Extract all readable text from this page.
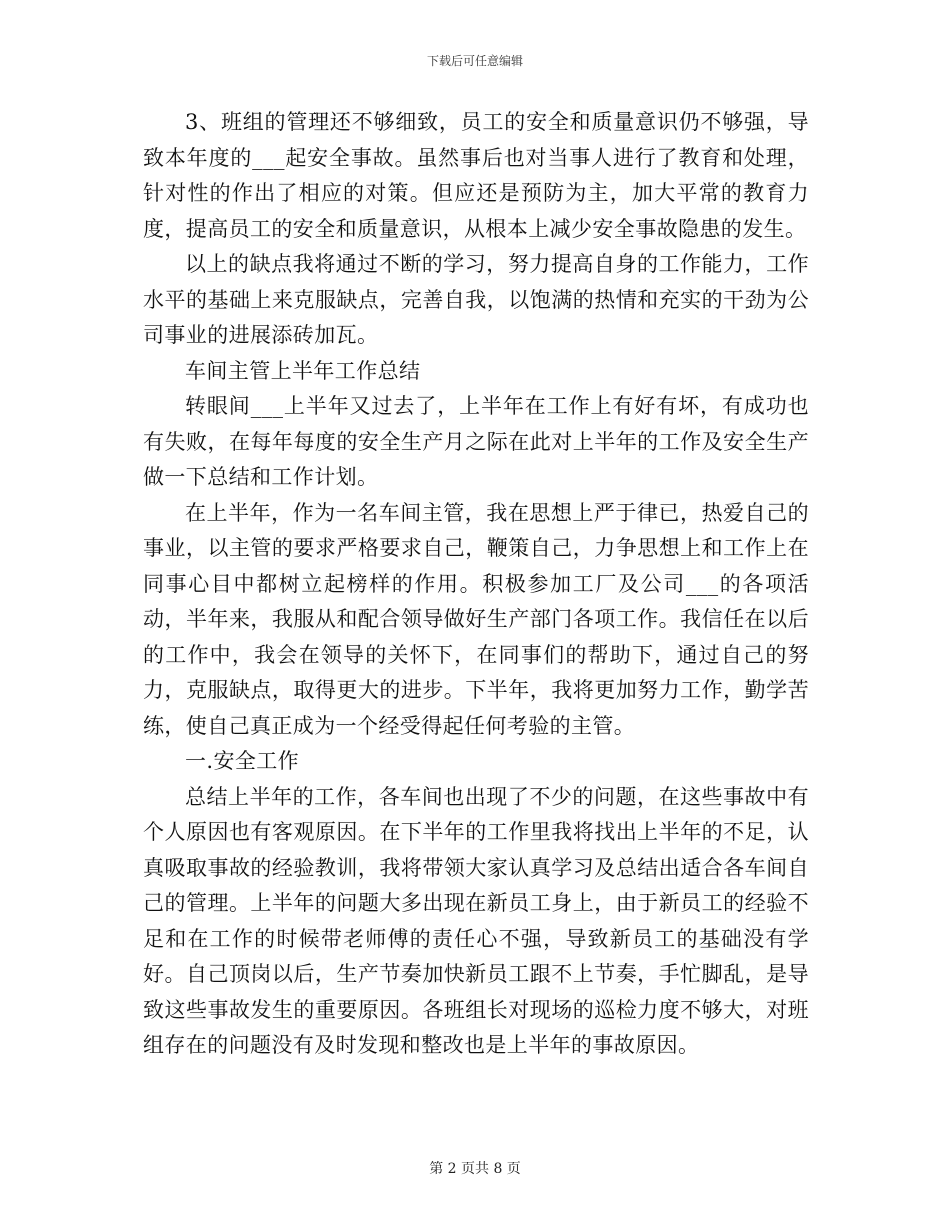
下载后可任意编辑

3、班组的管理还不够细致，员工的安全和质量意识仍不够强，导致本年度的___起安全事故。虽然事后也对当事人进行了教育和处理，针对性的作出了相应的对策。但应还是预防为主，加大平常的教育力度，提高员工的安全和质量意识，从根本上减少安全事故隐患的发生。

以上的缺点我将通过不断的学习，努力提高自身的工作能力，工作水平的基础上来克服缺点，完善自我，以饱满的热情和充实的干劲为公司事业的进展添砖加瓦。

车间主管上半年工作总结

转眼间___上半年又过去了，上半年在工作上有好有坏，有成功也有失败，在每年每度的安全生产月之际在此对上半年的工作及安全生产做一下总结和工作计划。

在上半年，作为一名车间主管，我在思想上严于律已，热爱自己的事业，以主管的要求严格要求自己，鞭策自己，力争思想上和工作上在同事心目中都树立起榜样的作用。积极参加工厂及公司___的各项活动，半年来，我服从和配合领导做好生产部门各项工作。我信任在以后的工作中，我会在领导的关怀下，在同事们的帮助下，通过自己的努力，克服缺点，取得更大的进步。下半年，我将更加努力工作，勤学苦练，使自己真正成为一个经受得起任何考验的主管。

一.安全工作

总结上半年的工作，各车间也出现了不少的问题，在这些事故中有个人原因也有客观原因。在下半年的工作里我将找出上半年的不足，认真吸取事故的经验教训，我将带领大家认真学习及总结出适合各车间自己的管理。上半年的问题大多出现在新员工身上，由于新员工的经验不足和在工作的时候带老师傅的责任心不强，导致新员工的基础没有学好。自己顶岗以后，生产节奏加快新员工跟不上节奏，手忙脚乱，是导致这些事故发生的重要原因。各班组长对现场的巡检力度不够大，对班组存在的问题没有及时发现和整改也是上半年的事故原因。

第 2 页共 8 页
